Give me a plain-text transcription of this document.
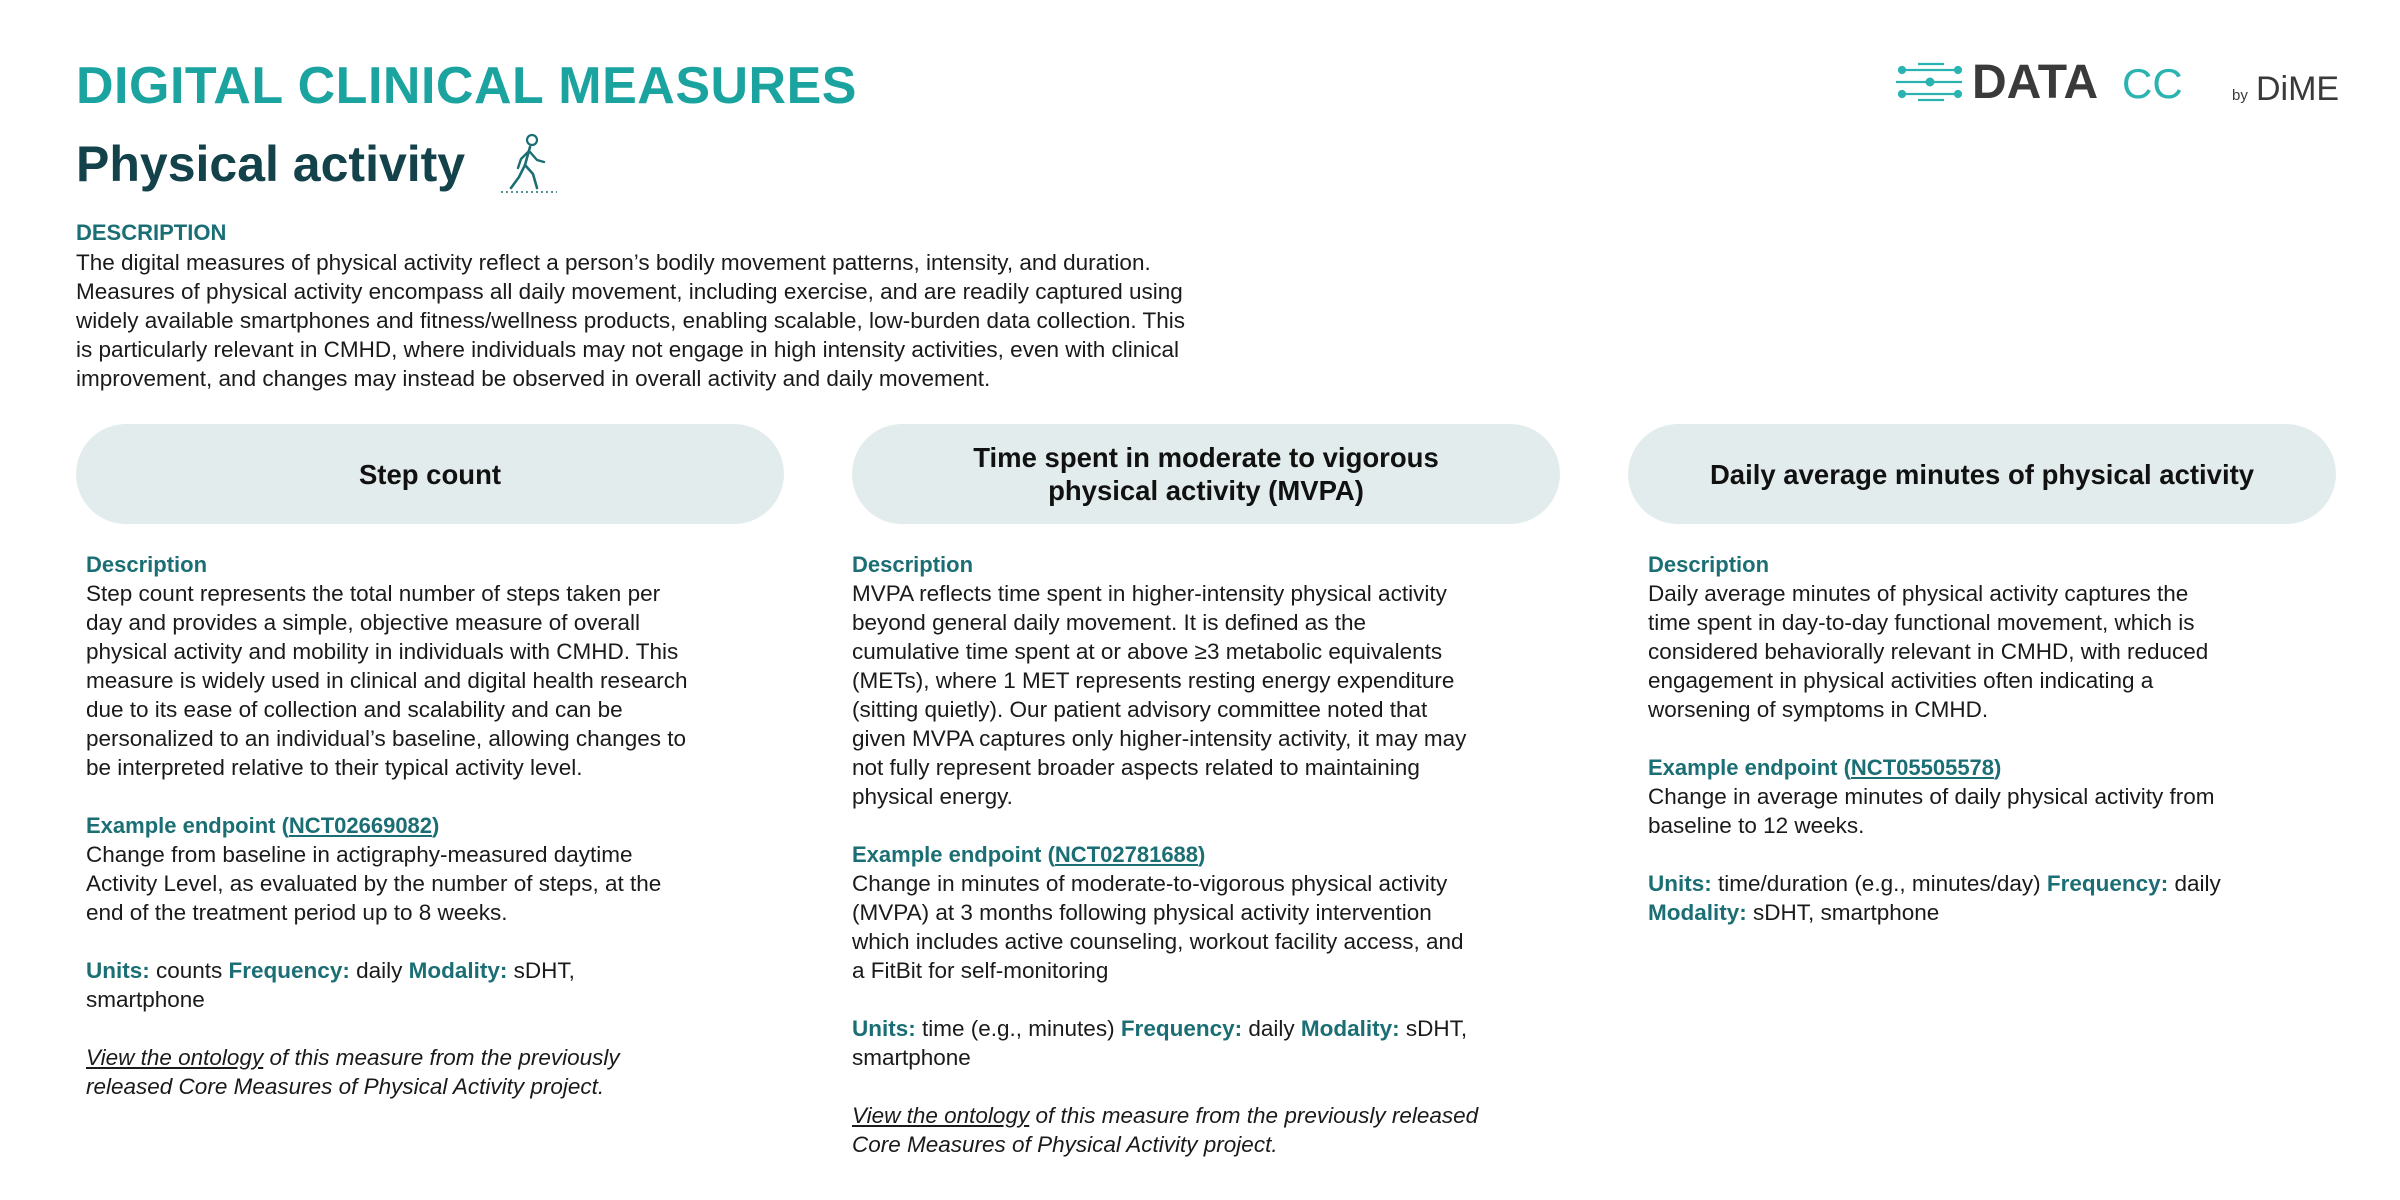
DIGITAL CLINICAL MEASURES
Physical activity
DATA CC	by DiME

DESCRIPTION

The digital measures of physical activity reflect a person’s bodily movement patterns, intensity, and duration.
Measures of physical activity encompass all daily movement, including exercise, and are readily captured using
widely available smartphones and fitness/wellness products, enabling scalable, low-burden data collection. This
is particularly relevant in CMHD, where individuals may not engage in high intensity activities, even with clinical
improvement, and changes may instead be observed in overall activity and daily movement.

Step count

Description

Step count represents the total number of steps taken per
day and provides a simple, objective measure of overall
physical activity and mobility in individuals with CMHD. This
measure is widely used in clinical and digital health research
due to its ease of collection and scalability and can be
personalized to an individual’s baseline, allowing changes to
be interpreted relative to their typical activity level.

Example endpoint (NCT02669082)

Change from baseline in actigraphy-measured daytime
Activity Level, as evaluated by the number of steps, at the
end of the treatment period up to 8 weeks.

Units: counts Frequency: daily Modality: sDHT,
smartphone

View the ontology of this measure from the previously
released Core Measures of Physical Activity project.

Time spent in moderate to vigorous
physical activity (MVPA)

Description

MVPA reflects time spent in higher-intensity physical activity
beyond general daily movement. It is defined as the
cumulative time spent at or above ≥3 metabolic equivalents
(METs), where 1 MET represents resting energy expenditure
(sitting quietly). Our patient advisory committee noted that
given MVPA captures only higher-intensity activity, it may may
not fully represent broader aspects related to maintaining
physical energy.

Example endpoint (NCT02781688)

Change in minutes of moderate-to-vigorous physical activity
(MVPA) at 3 months following physical activity intervention
which includes active counseling, workout facility access, and
a FitBit for self-monitoring

Units: time (e.g., minutes) Frequency: daily Modality: sDHT,
smartphone

View the ontology of this measure from the previously released
Core Measures of Physical Activity project.

Daily average minutes of physical activity

Description

Daily average minutes of physical activity captures the
time spent in day-to-day functional movement, which is
considered behaviorally relevant in CMHD, with reduced
engagement in physical activities often indicating a
worsening of symptoms in CMHD.

Example endpoint (NCT05505578)

Change in average minutes of daily physical activity from
baseline to 12 weeks.

Units: time/duration (e.g., minutes/day) Frequency: daily
Modality: sDHT, smartphone
